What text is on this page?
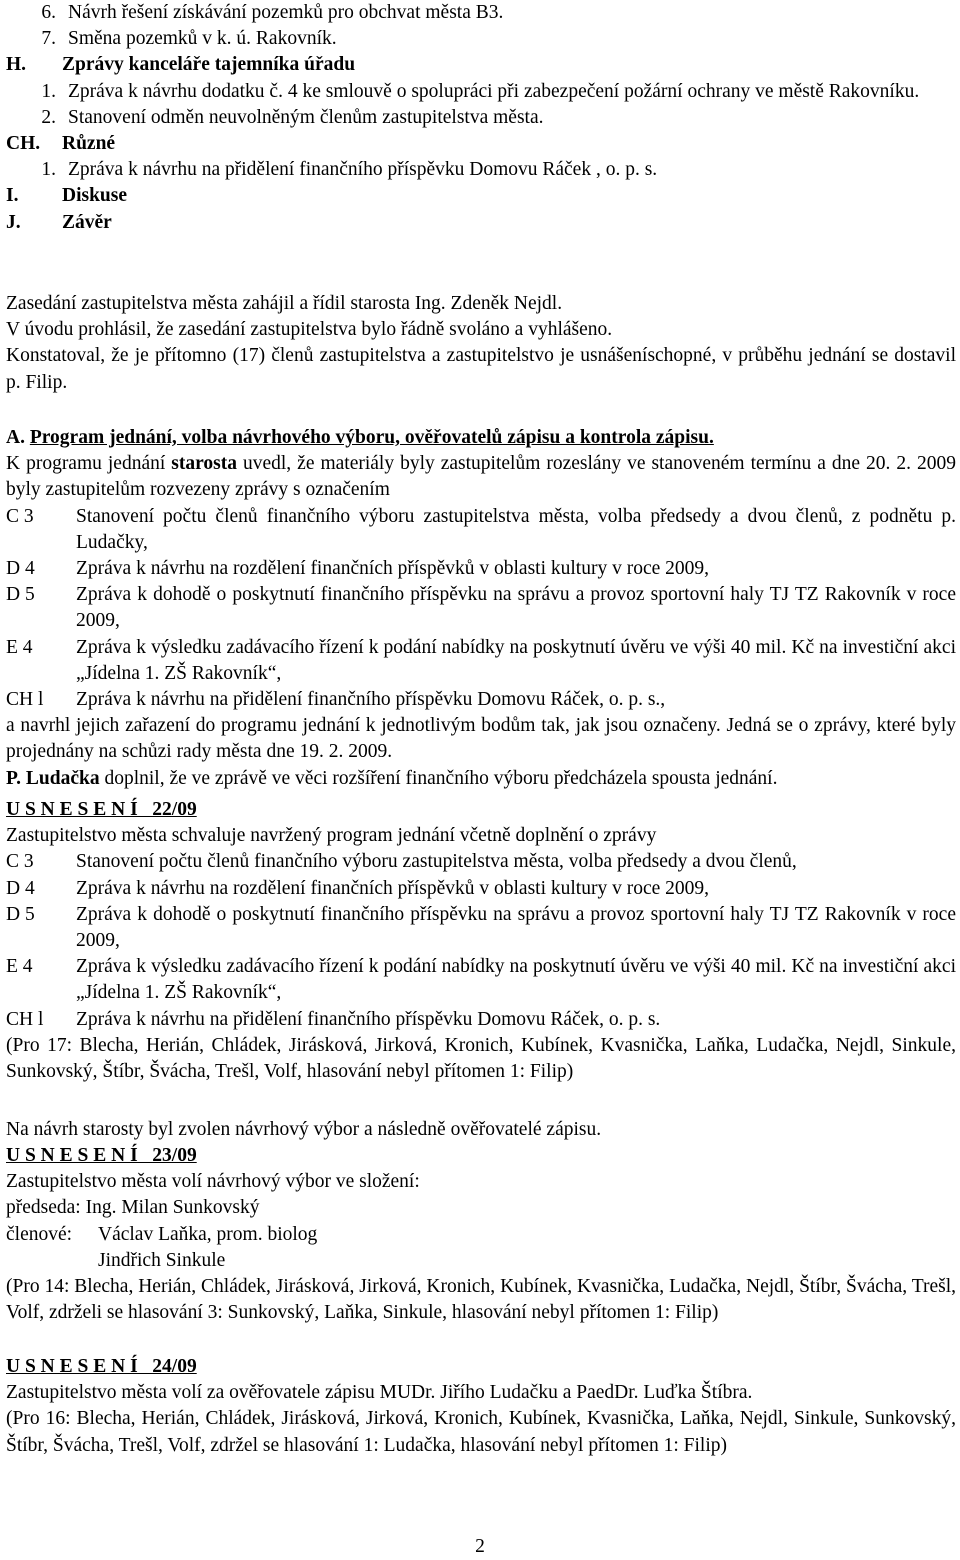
6. Návrh řešení získávání pozemků pro obchvat města B3.
7. Směna pozemků v k. ú. Rakovník.
H. Zprávy kanceláře tajemníka úřadu
1. Zpráva k návrhu dodatku č. 4 ke smlouvě o spolupráci při zabezpečení požární ochrany ve městě Rakovníku.
2. Stanovení odměn neuvolněným členům zastupitelstva města.
CH. Různé
1. Zpráva k návrhu na přidělení finančního příspěvku Domovu Ráček , o. p. s.
I. Diskuse
J. Závěr

Zasedání zastupitelstva města zahájil a řídil starosta Ing. Zdeněk Nejdl.

V úvodu prohlásil, že zasedání zastupitelstva bylo řádně svoláno a vyhlášeno.

Konstatoval, že je přítomno (17) členů zastupitelstva a zastupitelstvo je usnášeníschopné, v průběhu jednání se dostavil p. Filip.

A. Program jednání, volba návrhového výboru, ověřovatelů zápisu a kontrola zápisu.

K programu jednání starosta uvedl, že materiály byly zastupitelům rozeslány ve stanoveném termínu a dne 20. 2. 2009 byly zastupitelům rozvezeny zprávy s označením

C 3 Stanovení počtu členů finančního výboru zastupitelstva města, volba předsedy a dvou členů, z podnětu p. Ludačky,
D 4 Zpráva k návrhu na rozdělení finančních příspěvků v oblasti kultury v roce 2009,
D 5 Zpráva k dohodě o poskytnutí finančního příspěvku na správu a provoz sportovní haly TJ TZ Rakovník v roce 2009,
E 4 Zpráva k výsledku zadávacího řízení k podání nabídky na poskytnutí úvěru ve výši 40 mil. Kč na investiční akci „Jídelna 1. ZŠ Rakovník“,
CH l Zpráva k návrhu na přidělení finančního příspěvku Domovu Ráček, o. p. s.,

a navrhl jejich zařazení do programu jednání k jednotlivým bodům tak, jak jsou označeny. Jedná se o zprávy, které byly projednány na schůzi rady města dne 19. 2. 2009.

P. Ludačka doplnil, že ve zprávě ve věci rozšíření finančního výboru předcházela spousta jednání.

U S N E S E N Í   22/09

Zastupitelstvo města schvaluje navržený program jednání včetně doplnění o zprávy

C 3 Stanovení počtu členů finančního výboru zastupitelstva města, volba předsedy a dvou členů,
D 4 Zpráva k návrhu na rozdělení finančních příspěvků v oblasti kultury v roce 2009,
D 5 Zpráva k dohodě o poskytnutí finančního příspěvku na správu a provoz sportovní haly TJ TZ Rakovník v roce 2009,
E 4 Zpráva k výsledku zadávacího řízení k podání nabídky na poskytnutí úvěru ve výši 40 mil. Kč na investiční akci „Jídelna 1. ZŠ Rakovník“,
CH l Zpráva k návrhu na přidělení finančního příspěvku Domovu Ráček, o. p. s.

(Pro 17: Blecha, Herián, Chládek, Jirásková, Jirková, Kronich, Kubínek, Kvasnička, Laňka, Ludačka, Nejdl, Sinkule, Sunkovský, Štíbr, Švácha, Trešl, Volf, hlasování nebyl přítomen 1: Filip)

Na návrh starosty byl zvolen návrhový výbor a následně ověřovatelé zápisu.

U S N E S E N Í   23/09

Zastupitelstvo města volí návrhový výbor ve složení:

předseda: Ing. Milan Sunkovský

členové: Václav Laňka, prom. biolog
Jindřich Sinkule

(Pro 14: Blecha, Herián, Chládek, Jirásková, Jirková, Kronich, Kubínek, Kvasnička, Ludačka, Nejdl, Štíbr, Švácha, Trešl, Volf, zdrželi se hlasování 3: Sunkovský, Laňka, Sinkule, hlasování nebyl přítomen 1: Filip)

U S N E S E N Í   24/09

Zastupitelstvo města volí za ověřovatele zápisu MUDr. Jiřího Ludačku a PaedDr. Luďka Štíbra.

(Pro 16: Blecha, Herián, Chládek, Jirásková, Jirková, Kronich, Kubínek, Kvasnička, Laňka, Nejdl, Sinkule, Sunkovský, Štíbr, Švácha, Trešl, Volf, zdržel se hlasování 1: Ludačka, hlasování nebyl přítomen 1: Filip)

2
